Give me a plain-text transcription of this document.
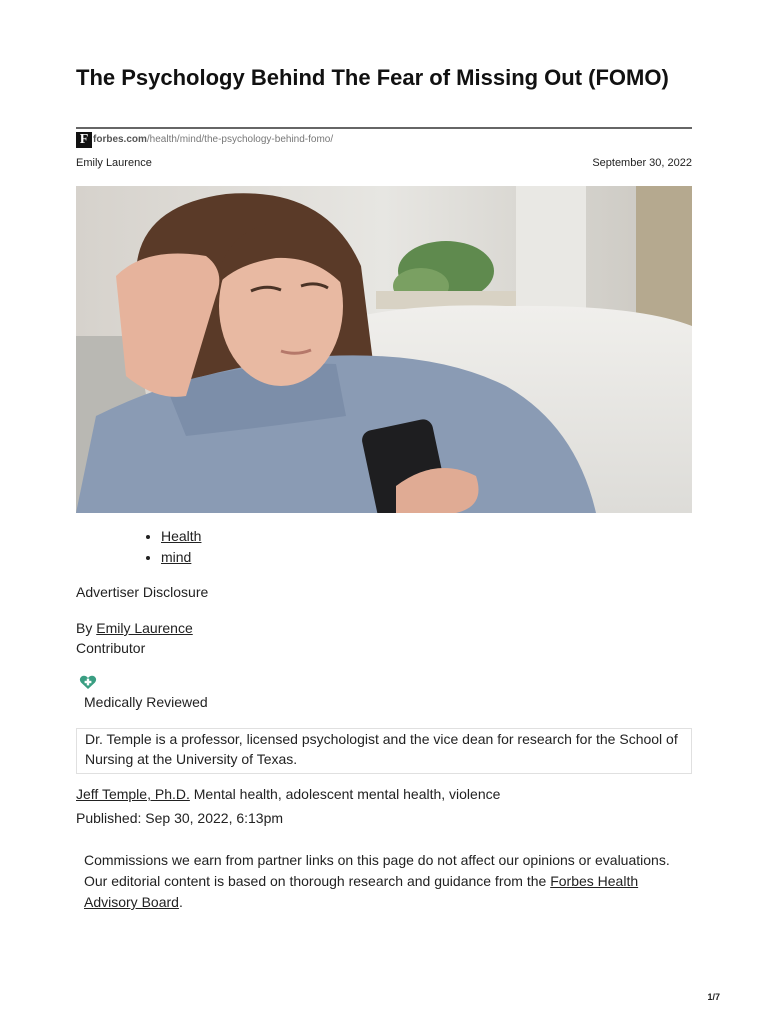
The Psychology Behind The Fear of Missing Out (FOMO)
F forbes.com/health/mind/the-psychology-behind-fomo/
Emily Laurence	September 30, 2022
• Health
• mind
Advertiser Disclosure
By Emily Laurence
Contributor
Medically Reviewed
Dr. Temple is a professor, licensed psychologist and the vice dean for research for the School of Nursing at the University of Texas.
Jeff Temple, Ph.D. Mental health, adolescent mental health, violence
Published: Sep 30, 2022, 6:13pm
Commissions we earn from partner links on this page do not affect our opinions or evaluations. Our editorial content is based on thorough research and guidance from the Forbes Health Advisory Board.
1/7
